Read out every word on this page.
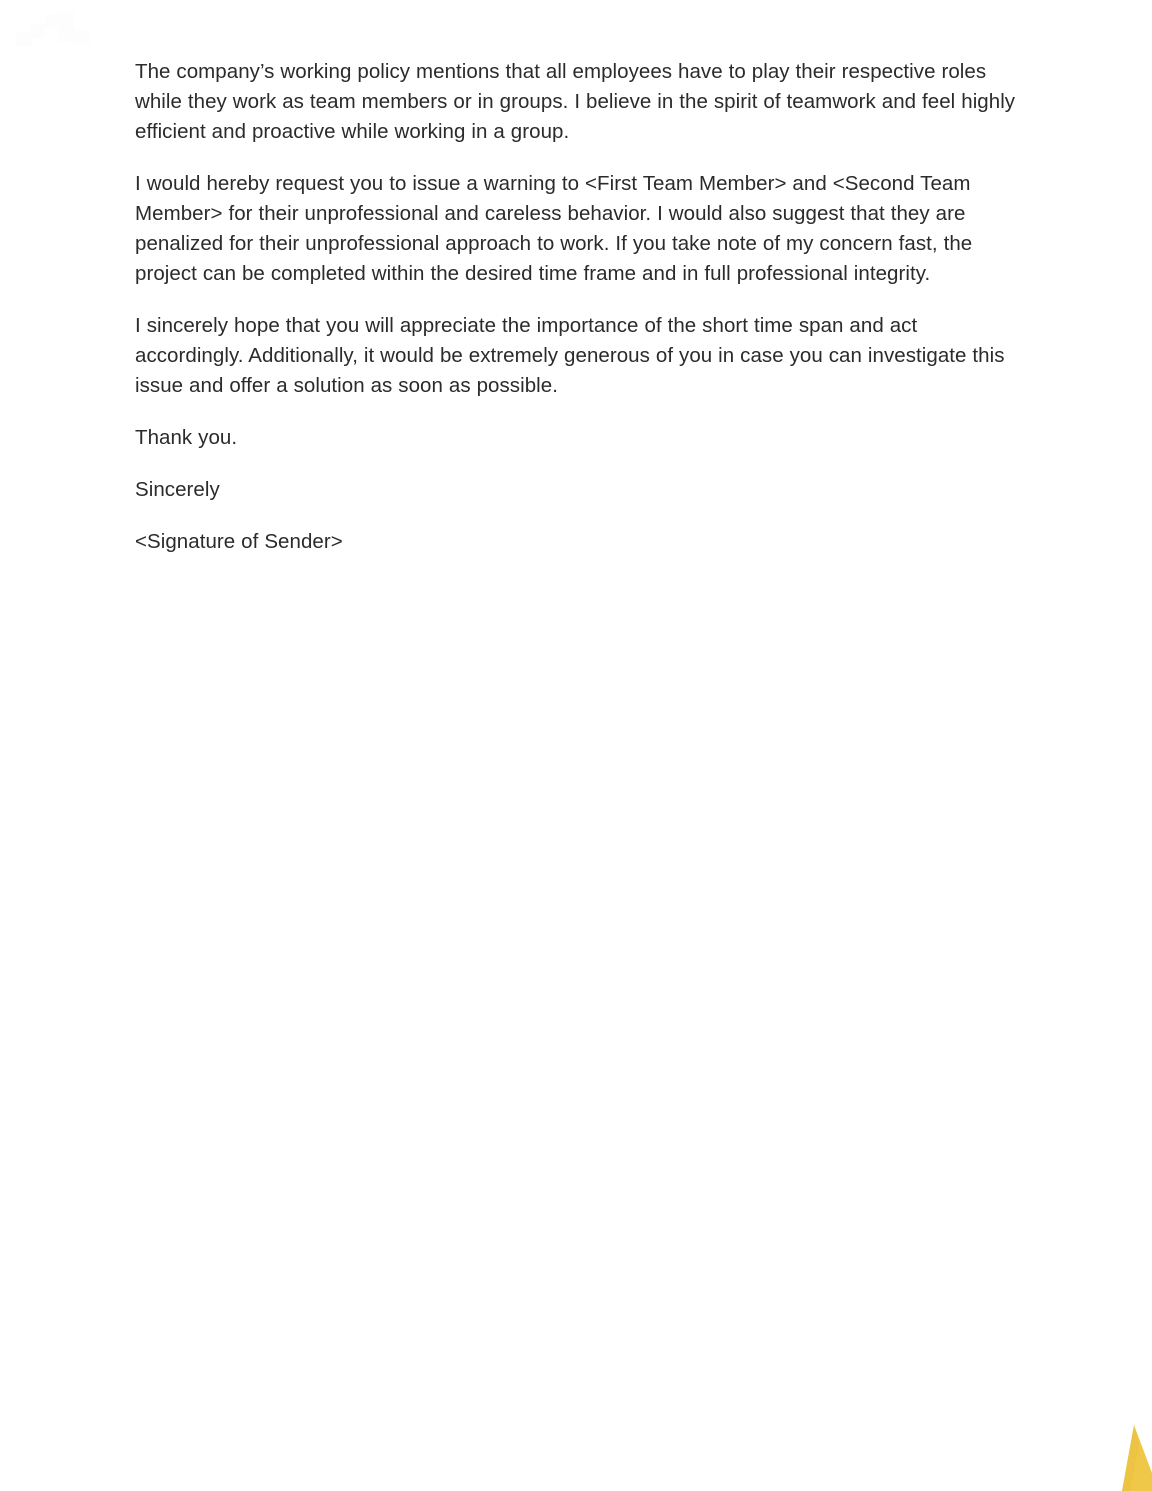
The company’s working policy mentions that all employees have to play their respective roles while they work as team members or in groups. I believe in the spirit of teamwork and feel highly efficient and proactive while working in a group.

I would hereby request you to issue a warning to <First Team Member> and <Second Team Member> for their unprofessional and careless behavior. I would also suggest that they are penalized for their unprofessional approach to work. If you take note of my concern fast, the project can be completed within the desired time frame and in full professional integrity.

I sincerely hope that you will appreciate the importance of the short time span and act accordingly. Additionally, it would be extremely generous of you in case you can investigate this issue and offer a solution as soon as possible.

Thank you.

Sincerely

<Signature of Sender>
